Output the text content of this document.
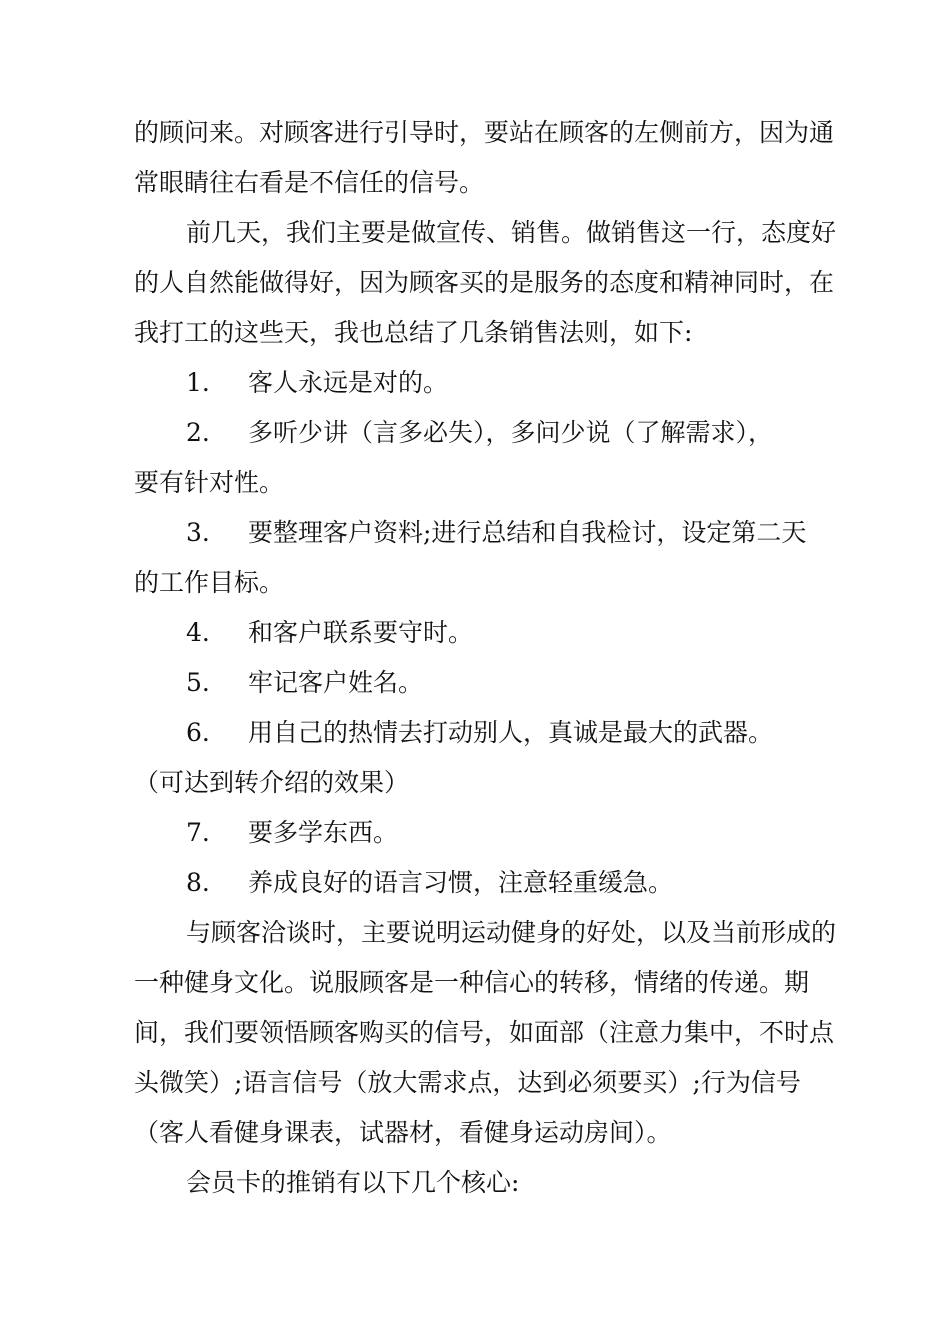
的顾问来。对顾客进行引导时，要站在顾客的左侧前方，因为通常眼睛往右看是不信任的信号。

前几天，我们主要是做宣传、销售。做销售这一行，态度好的人自然能做得好，因为顾客买的是服务的态度和精神同时，在我打工的这些天，我也总结了几条销售法则，如下:

1. 客人永远是对的。

2. 多听少讲（言多必失），多问少说（了解需求），

要有针对性。

3. 要整理客户资料;进行总结和自我检讨，设定第二天

的工作目标。

4. 和客户联系要守时。

5. 牢记客户姓名。

6. 用自己的热情去打动别人，真诚是最大的武器。

（可达到转介绍的效果）

7. 要多学东西。

8. 养成良好的语言习惯，注意轻重缓急。

与顾客洽谈时，主要说明运动健身的好处，以及当前形成的一种健身文化。说服顾客是一种信心的转移，情绪的传递。期间，我们要领悟顾客购买的信号，如面部（注意力集中，不时点头微笑）;语言信号（放大需求点，达到必须要买）;行为信号（客人看健身课表，试器材，看健身运动房间）。

会员卡的推销有以下几个核心:
